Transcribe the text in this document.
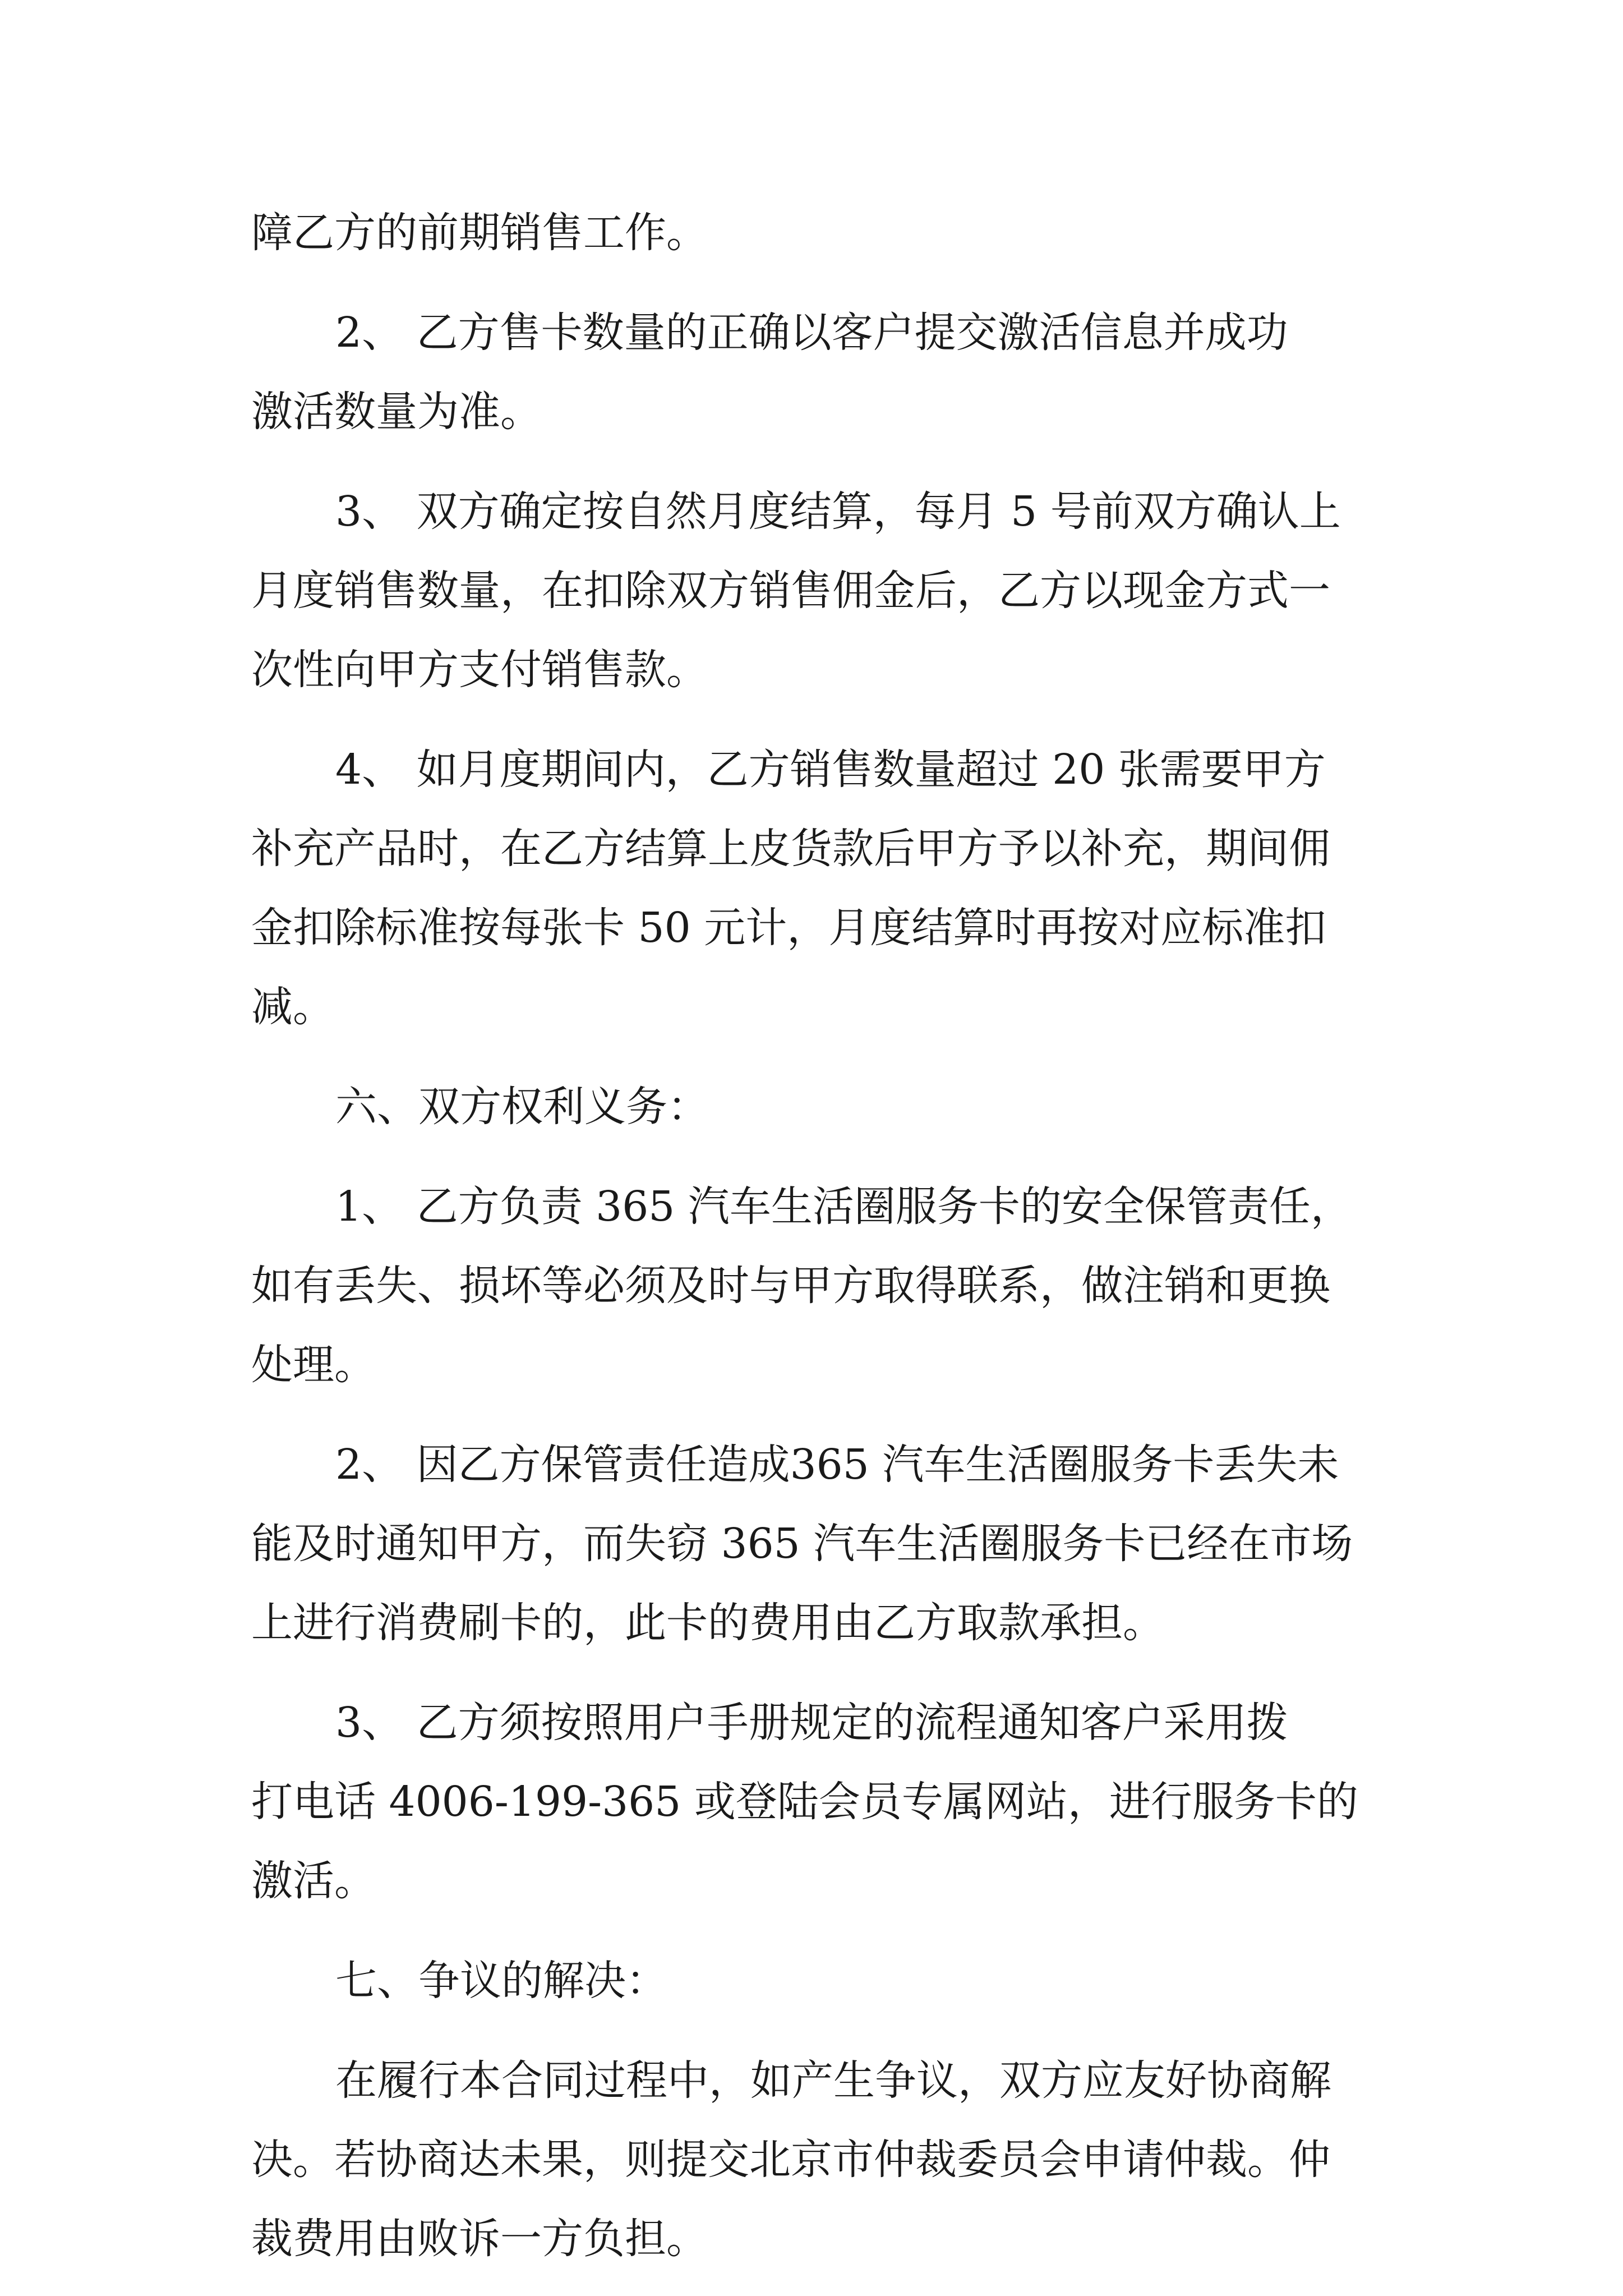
障乙方的前期销售工作。
2、 乙方售卡数量的正确以客户提交激活信息并成功
激活数量为准。
3、 双方确定按自然月度结算，每月 5 号前双方确认上
月度销售数量，在扣除双方销售佣金后，乙方以现金方式一
次性向甲方支付销售款。
4、 如月度期间内，乙方销售数量超过 20 张需要甲方
补充产品时，在乙方结算上皮货款后甲方予以补充，期间佣
金扣除标准按每张卡 50 元计，月度结算时再按对应标准扣
减。
六、双方权利义务：
1、 乙方负责 365 汽车生活圈服务卡的安全保管责任，
如有丢失、损坏等必须及时与甲方取得联系，做注销和更换
处理。
2、 因乙方保管责任造成365 汽车生活圈服务卡丢失未
能及时通知甲方，而失窃 365 汽车生活圈服务卡已经在市场
上进行消费刷卡的，此卡的费用由乙方取款承担。
3、 乙方须按照用户手册规定的流程通知客户采用拨
打电话 4006-199-365 或登陆会员专属网站，进行服务卡的
激活。
七、争议的解决：
在履行本合同过程中，如产生争议，双方应友好协商解
决。若协商达未果，则提交北京市仲裁委员会申请仲裁。仲
裁费用由败诉一方负担。
